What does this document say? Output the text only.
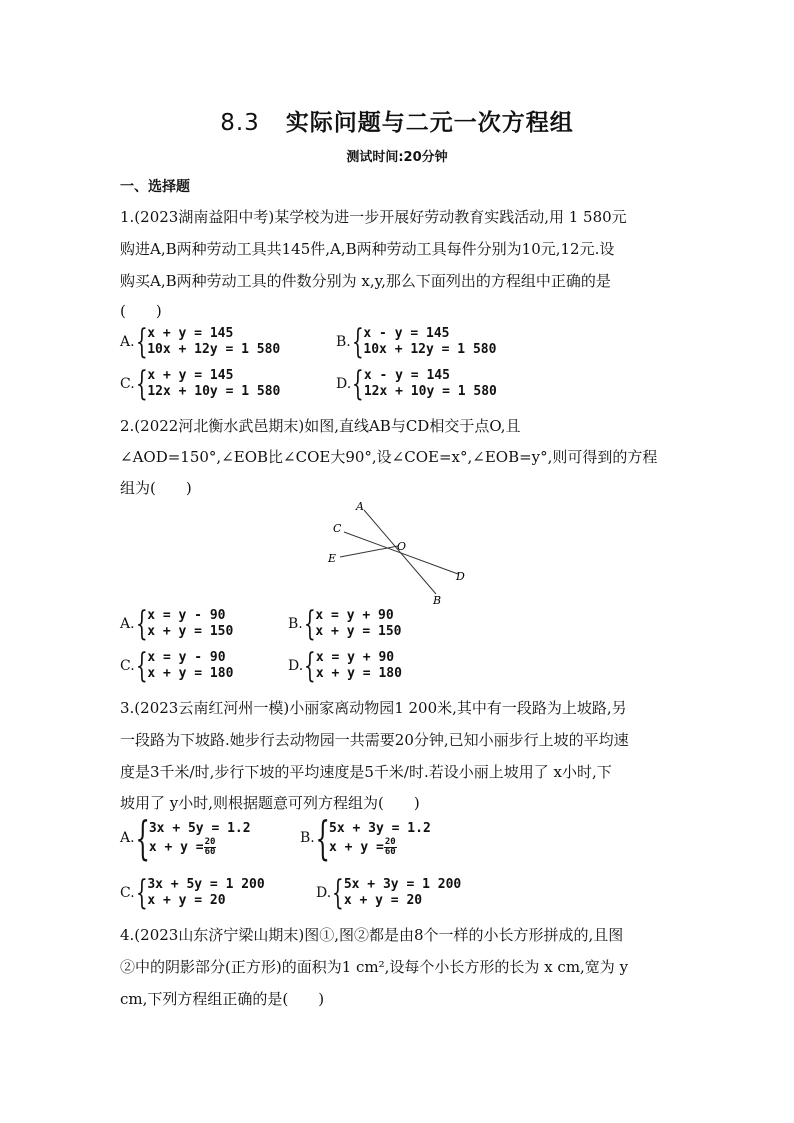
8.3 实际问题与二元一次方程组
测试时间:20分钟
一、选择题
1.(2023湖南益阳中考)某学校为进一步开展好劳动教育实践活动,用 1 580元
购进A,B两种劳动工具共145件,A,B两种劳动工具每件分别为10元,12元.设
购买A,B两种劳动工具的件数分别为 x,y,那么下面列出的方程组中正确的是
(　　)
A. { x + y = 145
10x + 12y = 1 580	B. { x - y = 145
10x + 12y = 1 580
C. { x + y = 145
12x + 10y = 1 580	D. { x - y = 145
12x + 10y = 1 580
2.(2022河北衡水武邑期末)如图,直线AB与CD相交于点O,且
∠AOD=150°,∠EOB比∠COE大90°,设∠COE=x°,∠EOB=y°,则可得到的方程
组为(　　)
A
C
E
O
D
B
A. { x = y - 90
x + y = 150	B. { x = y + 90
x + y = 150
C. { x = y - 90
x + y = 180	D. { x = y + 90
x + y = 180
3.(2023云南红河州一模)小丽家离动物园1 200米,其中有一段路为上坡路,另
一段路为下坡路.她步行去动物园一共需要20分钟,已知小丽步行上坡的平均速
度是3千米/时,步行下坡的平均速度是5千米/时.若设小丽上坡用了 x小时,下
坡用了 y小时,则根据题意可列方程组为(　　)
A. { 3x + 5y = 1.2
$x + y = \frac{20}{60}$	B. { 5x + 3y = 1.2
$x + y = \frac{20}{60}$
C. { 3x + 5y = 1 200
x + y = 20	D. { 5x + 3y = 1 200
x + y = 20
4.(2023山东济宁梁山期末)图①,图②都是由8个一样的小长方形拼成的,且图
②中的阴影部分(正方形)的面积为1 cm²,设每个小长方形的长为 x cm,宽为 y
cm,下列方程组正确的是(　　)
